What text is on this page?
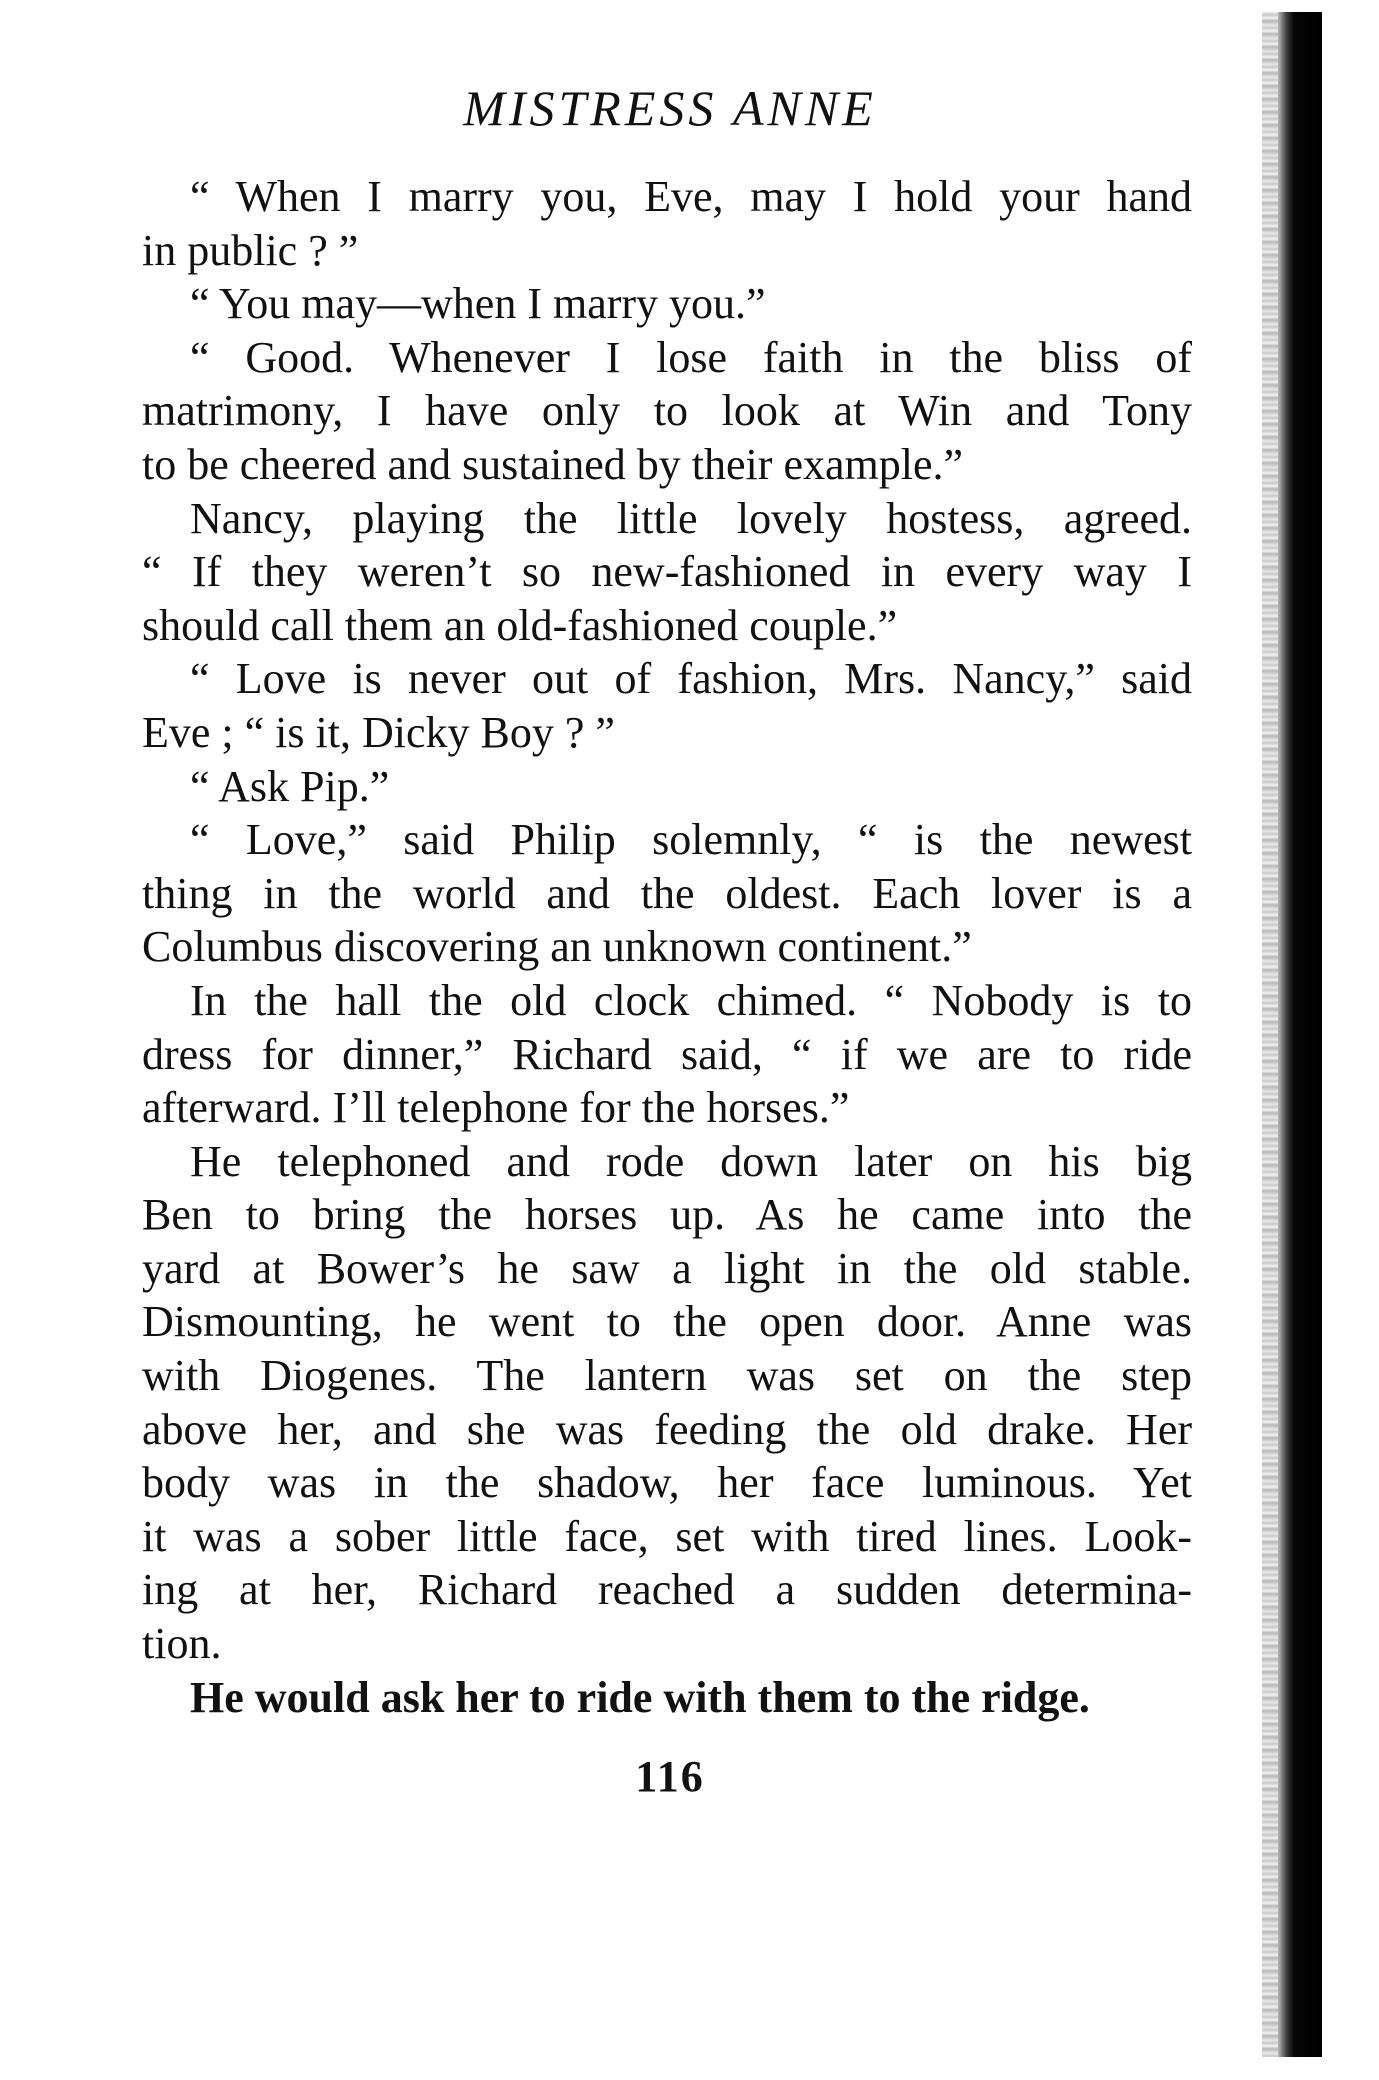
MISTRESS ANNE
“ When I marry you, Eve, may I hold your hand
in public ? ”
“ You may—when I marry you.”
“ Good. Whenever I lose faith in the bliss of
matrimony, I have only to look at Win and Tony
to be cheered and sustained by their example.”
Nancy, playing the little lovely hostess, agreed.
“ If they weren’t so new-fashioned in every way I
should call them an old-fashioned couple.”
“ Love is never out of fashion, Mrs. Nancy,” said
Eve ; “ is it, Dicky Boy ? ”
“ Ask Pip.”
“ Love,” said Philip solemnly, “ is the newest
thing in the world and the oldest. Each lover is a
Columbus discovering an unknown continent.”
In the hall the old clock chimed. “ Nobody is to
dress for dinner,” Richard said, “ if we are to ride
afterward. I’ll telephone for the horses.”
He telephoned and rode down later on his big
Ben to bring the horses up. As he came into the
yard at Bower’s he saw a light in the old stable.
Dismounting, he went to the open door. Anne was
with Diogenes. The lantern was set on the step
above her, and she was feeding the old drake. Her
body was in the shadow, her face luminous. Yet
it was a sober little face, set with tired lines. Look-
ing at her, Richard reached a sudden determina-
tion.
He would ask her to ride with them to the ridge.
116
